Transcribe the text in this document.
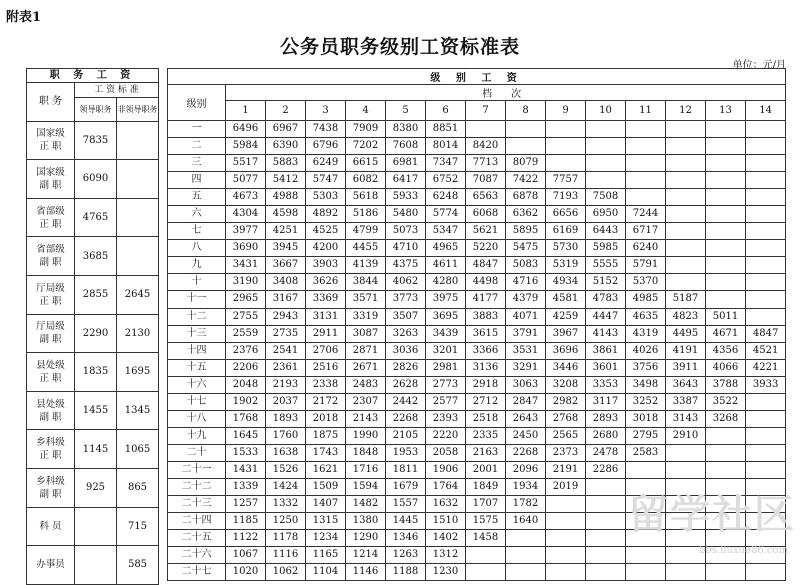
附表1
公务员职务级别工资标准表
单位：元/月
职 务 工 资		
职 务	工 资 标 准	
	领导职务	非领导职务
国家级
正 职	7835	
国家级
副 职	6090	
省部级
正 职	4765	
省部级
副 职	3685	
厅局级
正 职	2855	2645
厅局级
副 职	2290	2130
县处级
正 职	1835	1695
县处级
副 职	1455	1345
乡科级
正 职	1145	1065
乡科级
副 职	925	865
科 员		715
办事员		585
级 别 工 资														
级别	档 次													
	1	2	3	4	5	6	7	8	9	10	11	12	13	14
一	6496	6967	7438	7909	8380	8851								
二	5984	6390	6796	7202	7608	8014	8420							
三	5517	5883	6249	6615	6981	7347	7713	8079						
四	5077	5412	5747	6082	6417	6752	7087	7422	7757					
五	4673	4988	5303	5618	5933	6248	6563	6878	7193	7508				
六	4304	4598	4892	5186	5480	5774	6068	6362	6656	6950	7244			
七	3977	4251	4525	4799	5073	5347	5621	5895	6169	6443	6717			
八	3690	3945	4200	4455	4710	4965	5220	5475	5730	5985	6240			
九	3431	3667	3903	4139	4375	4611	4847	5083	5319	5555	5791			
十	3190	3408	3626	3844	4062	4280	4498	4716	4934	5152	5370			
十一	2965	3167	3369	3571	3773	3975	4177	4379	4581	4783	4985	5187		
十二	2755	2943	3131	3319	3507	3695	3883	4071	4259	4447	4635	4823	5011	
十三	2559	2735	2911	3087	3263	3439	3615	3791	3967	4143	4319	4495	4671	4847
十四	2376	2541	2706	2871	3036	3201	3366	3531	3696	3861	4026	4191	4356	4521
十五	2206	2361	2516	2671	2826	2981	3136	3291	3446	3601	3756	3911	4066	4221
十六	2048	2193	2338	2483	2628	2773	2918	3063	3208	3353	3498	3643	3788	3933
十七	1902	2037	2172	2307	2442	2577	2712	2847	2982	3117	3252	3387	3522	
十八	1768	1893	2018	2143	2268	2393	2518	2643	2768	2893	3018	3143	3268	
十九	1645	1760	1875	1990	2105	2220	2335	2450	2565	2680	2795	2910		
二十	1533	1638	1743	1848	1953	2058	2163	2268	2373	2478	2583			
二十一	1431	1526	1621	1716	1811	1906	2001	2096	2191	2286				
二十二	1339	1424	1509	1594	1679	1764	1849	1934	2019					
二十三	1257	1332	1407	1482	1557	1632	1707	1782						
二十四	1185	1250	1315	1380	1445	1510	1575	1640						
二十五	1122	1178	1234	1290	1346	1402	1458							
二十六	1067	1116	1165	1214	1263	1312								
二十七	1020	1062	1104	1146	1188	1230								
留学社区
bbs.liuxue86.com
